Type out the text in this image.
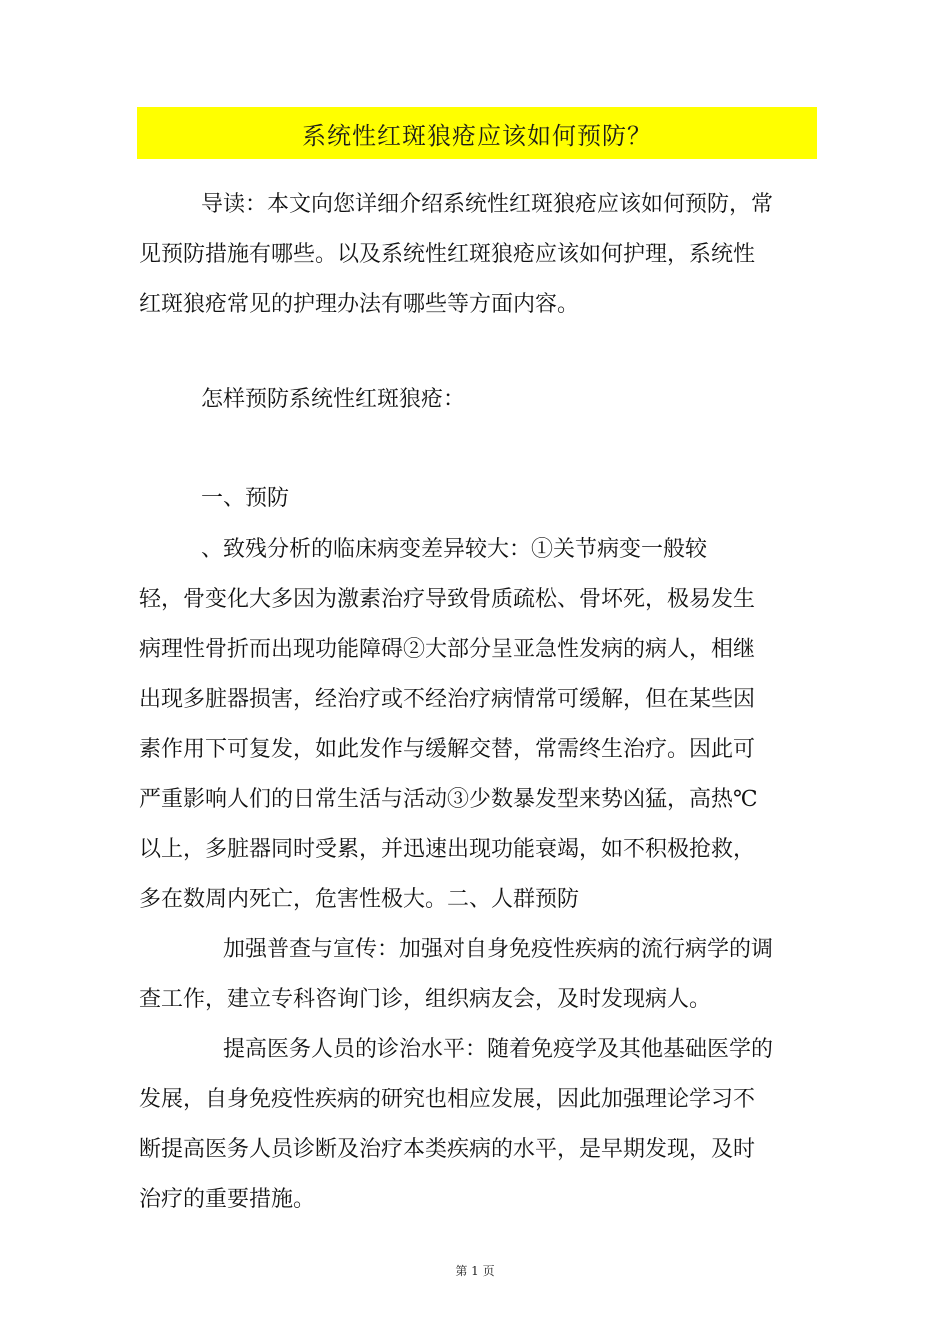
系统性红斑狼疮应该如何预防？
导读：本文向您详细介绍系统性红斑狼疮应该如何预防，常
见预防措施有哪些。以及系统性红斑狼疮应该如何护理，系统性
红斑狼疮常见的护理办法有哪些等方面内容。
怎样预防系统性红斑狼疮：
一、预防
、致残分析的临床病变差异较大：①关节病变一般较
轻，骨变化大多因为激素治疗导致骨质疏松、骨坏死，极易发生
病理性骨折而出现功能障碍②大部分呈亚急性发病的病人，相继
出现多脏器损害，经治疗或不经治疗病情常可缓解，但在某些因
素作用下可复发，如此发作与缓解交替，常需终生治疗。因此可
严重影响人们的日常生活与活动③少数暴发型来势凶猛，高热℃
以上，多脏器同时受累，并迅速出现功能衰竭，如不积极抢救，
多在数周内死亡，危害性极大。二、人群预防
加强普查与宣传：加强对自身免疫性疾病的流行病学的调
查工作，建立专科咨询门诊，组织病友会，及时发现病人。
提高医务人员的诊治水平：随着免疫学及其他基础医学的
发展，自身免疫性疾病的研究也相应发展，因此加强理论学习不
断提高医务人员诊断及治疗本类疾病的水平，是早期发现，及时
治疗的重要措施。
第 1 页
